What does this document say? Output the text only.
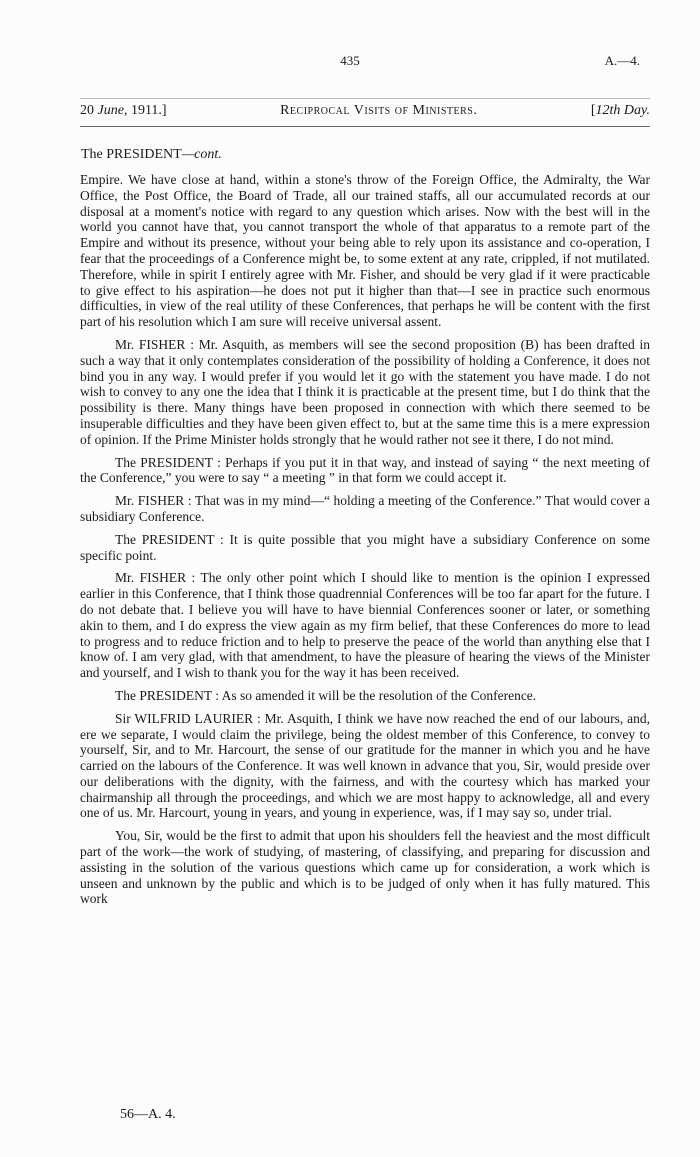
435	A.—4.
20 June, 1911.]	Reciprocal Visits of Ministers.	[12th Day.
The PRESIDENT—cont.

Empire. We have close at hand, within a stone's throw of the Foreign Office, the Admiralty, the War Office, the Post Office, the Board of Trade, all our trained staffs, all our accumulated records at our disposal at a moment's notice with regard to any question which arises. Now with the best will in the world you cannot have that, you cannot transport the whole of that apparatus to a remote part of the Empire and without its presence, without your being able to rely upon its assistance and co-operation, I fear that the proceedings of a Conference might be, to some extent at any rate, crippled, if not mutilated. Therefore, while in spirit I entirely agree with Mr. Fisher, and should be very glad if it were practicable to give effect to his aspiration—he does not put it higher than that—I see in practice such enormous difficulties, in view of the real utility of these Conferences, that perhaps he will be content with the first part of his resolution which I am sure will receive universal assent.

Mr. FISHER : Mr. Asquith, as members will see the second proposition (B) has been drafted in such a way that it only contemplates consideration of the possibility of holding a Conference, it does not bind you in any way. I would prefer if you would let it go with the statement you have made. I do not wish to convey to any one the idea that I think it is practicable at the present time, but I do think that the possibility is there. Many things have been proposed in connection with which there seemed to be insuperable difficulties and they have been given effect to, but at the same time this is a mere expression of opinion. If the Prime Minister holds strongly that he would rather not see it there, I do not mind.

The PRESIDENT : Perhaps if you put it in that way, and instead of saying “ the next meeting of the Conference,” you were to say “ a meeting ” in that form we could accept it.

Mr. FISHER : That was in my mind—“ holding a meeting of the Conference.” That would cover a subsidiary Conference.

The PRESIDENT : It is quite possible that you might have a subsidiary Conference on some specific point.

Mr. FISHER : The only other point which I should like to mention is the opinion I expressed earlier in this Conference, that I think those quadrennial Conferences will be too far apart for the future. I do not debate that. I believe you will have to have biennial Conferences sooner or later, or something akin to them, and I do express the view again as my firm belief, that these Conferences do more to lead to progress and to reduce friction and to help to preserve the peace of the world than anything else that I know of. I am very glad, with that amendment, to have the pleasure of hearing the views of the Minister and yourself, and I wish to thank you for the way it has been received.

The PRESIDENT : As so amended it will be the resolution of the Conference.

Sir WILFRID LAURIER : Mr. Asquith, I think we have now reached the end of our labours, and, ere we separate, I would claim the privilege, being the oldest member of this Conference, to convey to yourself, Sir, and to Mr. Harcourt, the sense of our gratitude for the manner in which you and he have carried on the labours of the Conference. It was well known in advance that you, Sir, would preside over our deliberations with the dignity, with the fairness, and with the courtesy which has marked your chairmanship all through the proceedings, and which we are most happy to acknowledge, all and every one of us. Mr. Harcourt, young in years, and young in experience, was, if I may say so, under trial.

You, Sir, would be the first to admit that upon his shoulders fell the heaviest and the most difficult part of the work—the work of studying, of mastering, of classifying, and preparing for discussion and assisting in the solution of the various questions which came up for consideration, a work which is unseen and unknown by the public and which is to be judged of only when it has fully matured. This work

56—A. 4.
